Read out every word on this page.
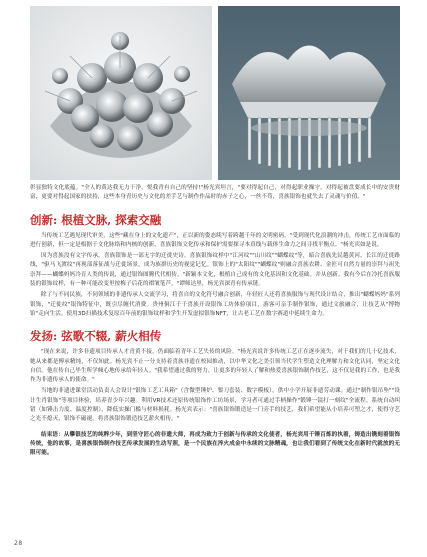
彰显独特文化底蕴。"全人的黄达我无力干净，悦我青有自己的坚持!"杨光宾坦言，"要对得起自己，对得起职业操守，对得起被盘要成长中的安贵财富，更要对得起国家的扶持，这些本身青历史与文化的差手艺与制作作品时的赤子之心，一丝不苟，喜族银饰也就失去了灵魂与价值。"

创新: 根植文脉, 探索交融

当传统工艺遇见现代审美，这些"藏在身上的文化遗产"，正以新的姿态续写着跨越千年的文明密码。"受到现代化浪潮的冲击，传统工艺市面临的进行创新，但一定是根据于文化脉络和内核的创新，喜族银饰文化传承和保护需要探寻本真线与载体生命力之间寻找平衡点。"杨光宾如是说。

因为喜族没有文字传承，喜族银饰是一部无字的迁徙史诗。喜族银饰纹样中"江河纹""山川纹""蝴蝶纹"等，暗合喜族先民越黄河、长江的迁徙路线，"驱马飞渡纹"再现部落征战与迁徙场景，成为族群历史的视觉记忆。银饰上的"太阳纹""蝴蝶纹"则融合喜族农耕、金匠可自然力量的崇拜与祖先崇拜——蝴蝶妈妈冷育人类的传说，通过银饰图腾代代相传。"新颖本文化，根植自己成有的文化基因和文化基础。并从创新。我有今后在冷托喜族服装的银饰纹样，有一种可能改变里按梅子后花的褶皱笔芦。"谭师达里，杨光宾深青有传承链。

除了与不同民族，不同领域的非遗传承人交流学习，将喜自的文化符号融合创新，年轻匠人还将喜族服饰与现代设计结合，推出"蝴蝶妈妈"系列银饰，"迁徙纹"银饰特征中，既引尽缠代消费。贵州侗江千千喜族开设银饰工坊体验项目，游客可亲手制作银饰，通过文旅融合，让技艺从"博物馆"走向生活。使用3D扫描技术复原百年前的银饰纹样和学生开发虚拟银饰NFT，让古老工艺在数字赛道中延续生命力。

发扬: 弦歌不辍, 薪火相传

"现在来说，许多非遗项目传承人才青黄不接，仍面临着青年工艺失传的风险。"杨光宾说许多传统工艺正在逐步流失，对于我们的几十亿技术，她从来都是傅承精纯，不仅知此。杨光宾不止一分支持着喜族非遗在校园推动，以中华文化之美引领当代学生塑造文化理解力和文化认同，坚定文化自信。他在传自己毕生所学倾心地传承给年轻人。"我希望通过我的努力，让更多的年轻人了解和热爱喜族银饰制作技艺，这不仅是我的工作，也是我作为非遗传承人的使命。"

当地的非遗进课堂活动负责人会设计"银饰工艺工具箱"（含微型锤炉、錾刀套装、数字模板），供中小学开展非遗劳动课。通过"制作银吊坠""设计生肖银饰"等项目体验，培养青少年兴趣。利用VR技术还原传统银饰作工坊场景，学习者可通过手柄操作"锻锤一镜打一刻纹"全流程。系统自动纠错（如锤击力度、温度控制），降低实操门槛与材料损耗。杨光宾表示："喜族银饰锻造是一门旁手的技艺，我们希望能从小培养可塑之才，使得守艺之光不熄灭，银饰不磁褪，将喜族银饰锻造技艺薪火相传。"

结束语：从攀银技艺的纯粹少年，到坚守匠心的非遗大师，再成为致力于创新与传承的文化使者，杨光宾用千锤百炼的执着，铸造出镌刻着银饰传统，他的故事，是喜族银饰制作技艺传承发展的生动写照，是一个民族在淬火成金中永续的文脉精魂，也让我们看到了传统文化在新时代就放的无限可能。

28
